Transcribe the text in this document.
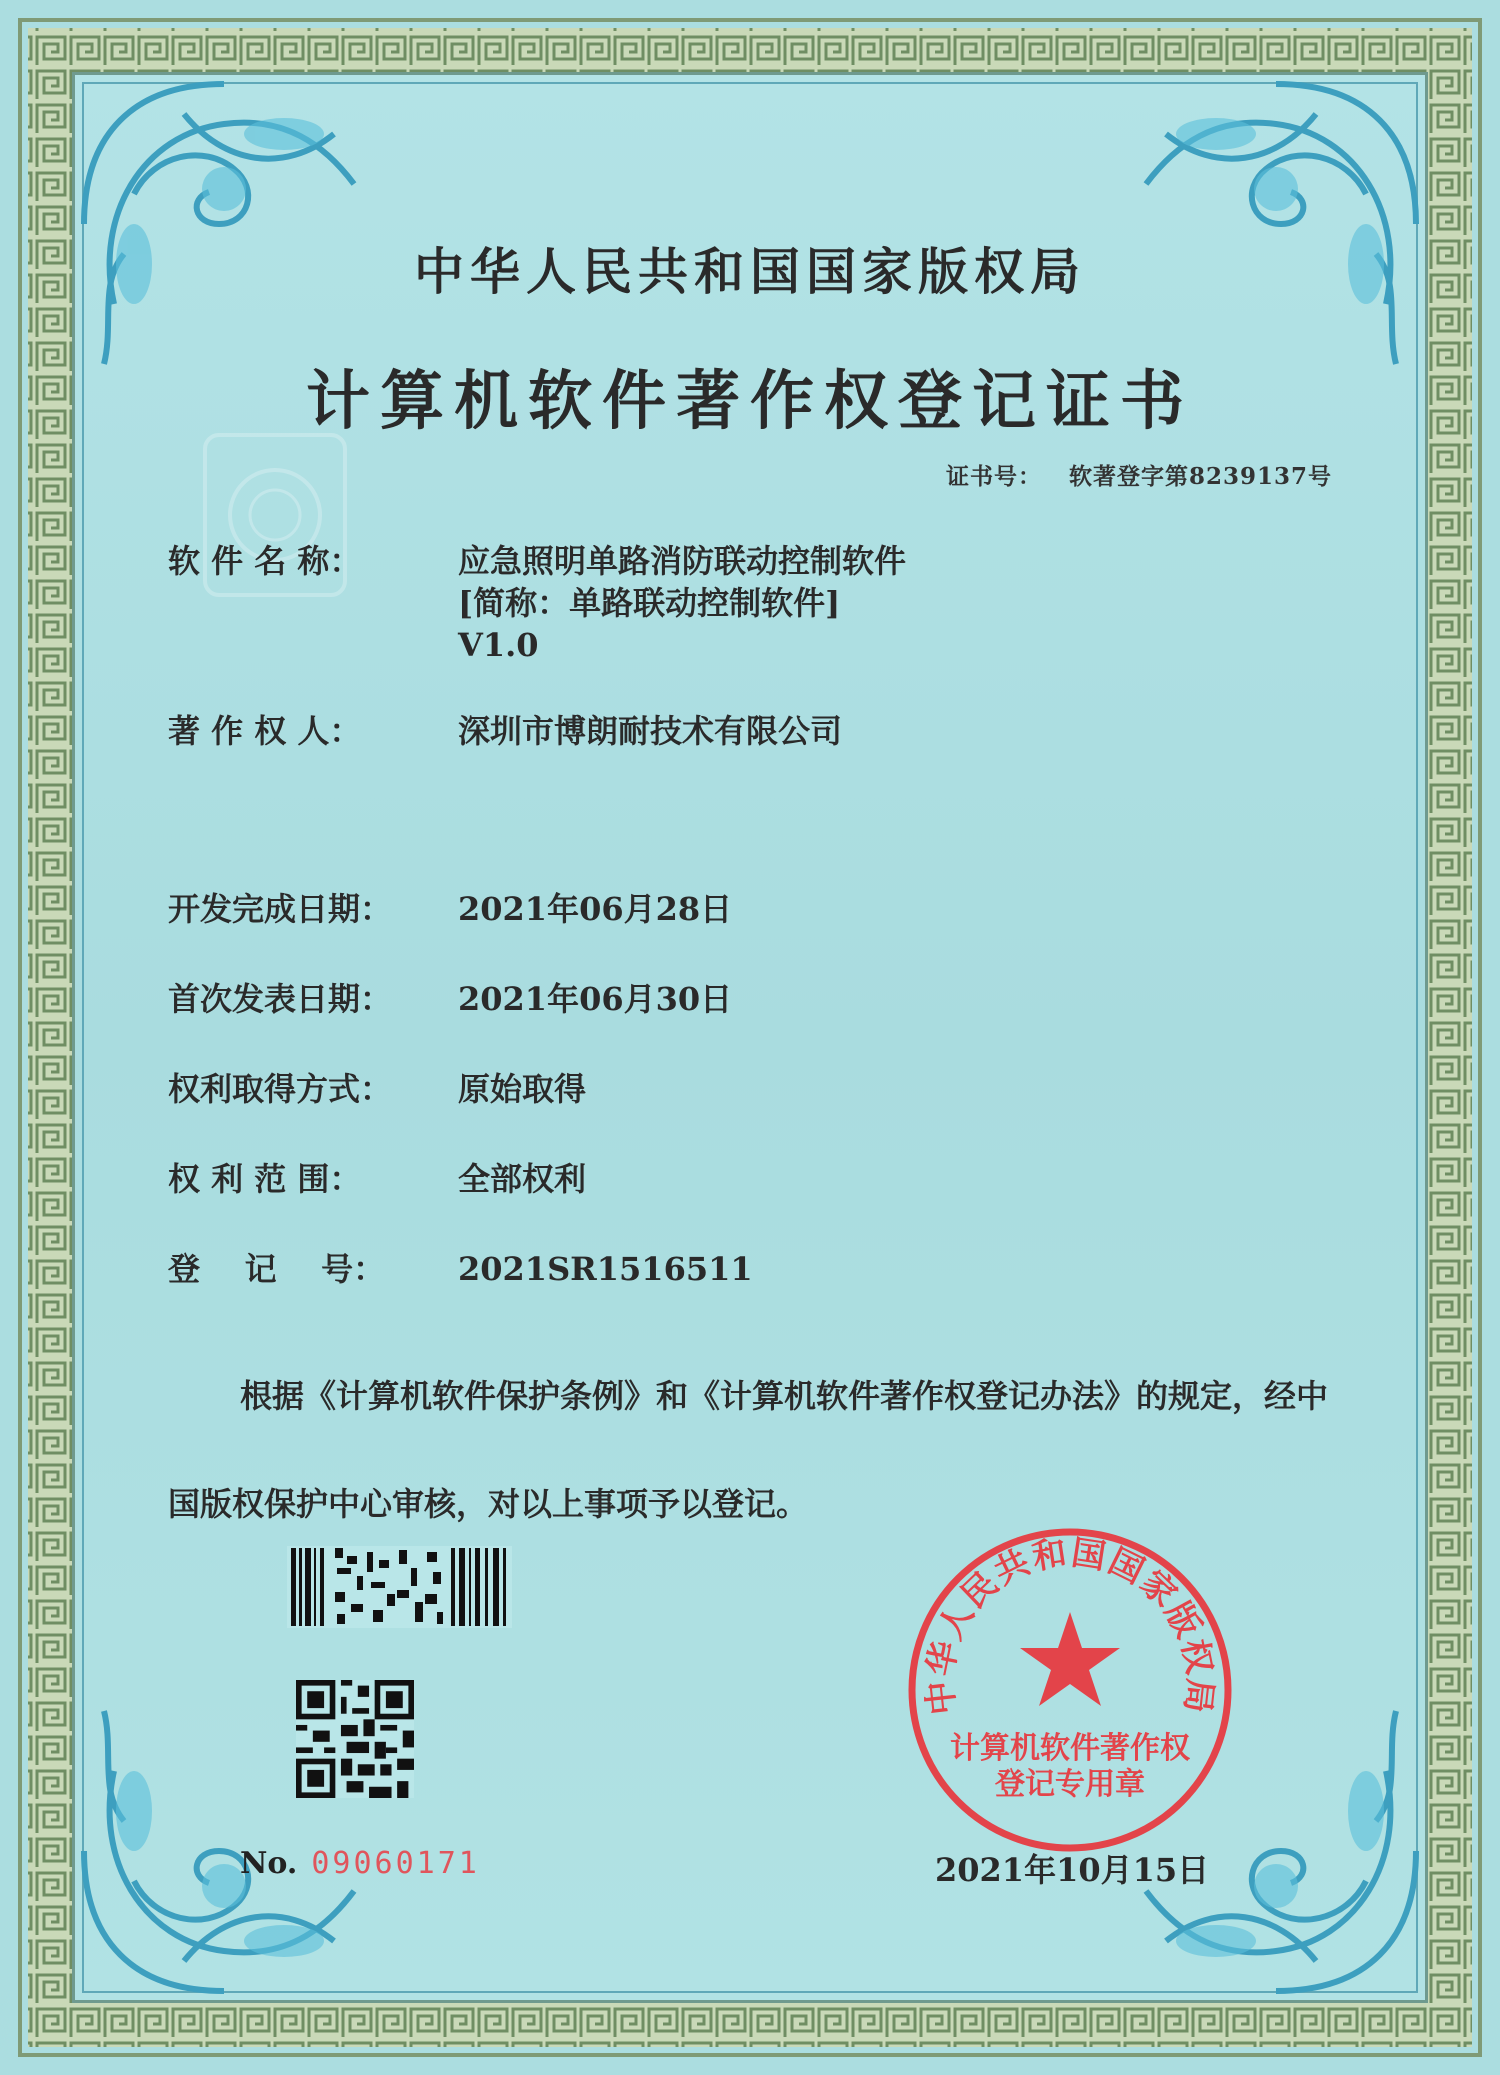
中华人民共和国国家版权局
计算机软件著作权登记证书
证书号： 软著登字第8239137号
软 件 名 称：	应急照明单路消防联动控制软件
[简称：单路联动控制软件]
V1.0
著 作 权 人：	深圳市博朗耐技术有限公司
开发完成日期： 2021年06月28日
首次发表日期： 2021年06月30日
权利取得方式： 原始取得
权 利 范 围：	全部权利
登    记    号： 2021SR1516511

根据《计算机软件保护条例》和《计算机软件著作权登记办法》的规定，经中国版权保护中心审核，对以上事项予以登记。

No. 09060171
中华人民共和国国家版权局
计算机软件著作权
登记专用章
2021年10月15日
